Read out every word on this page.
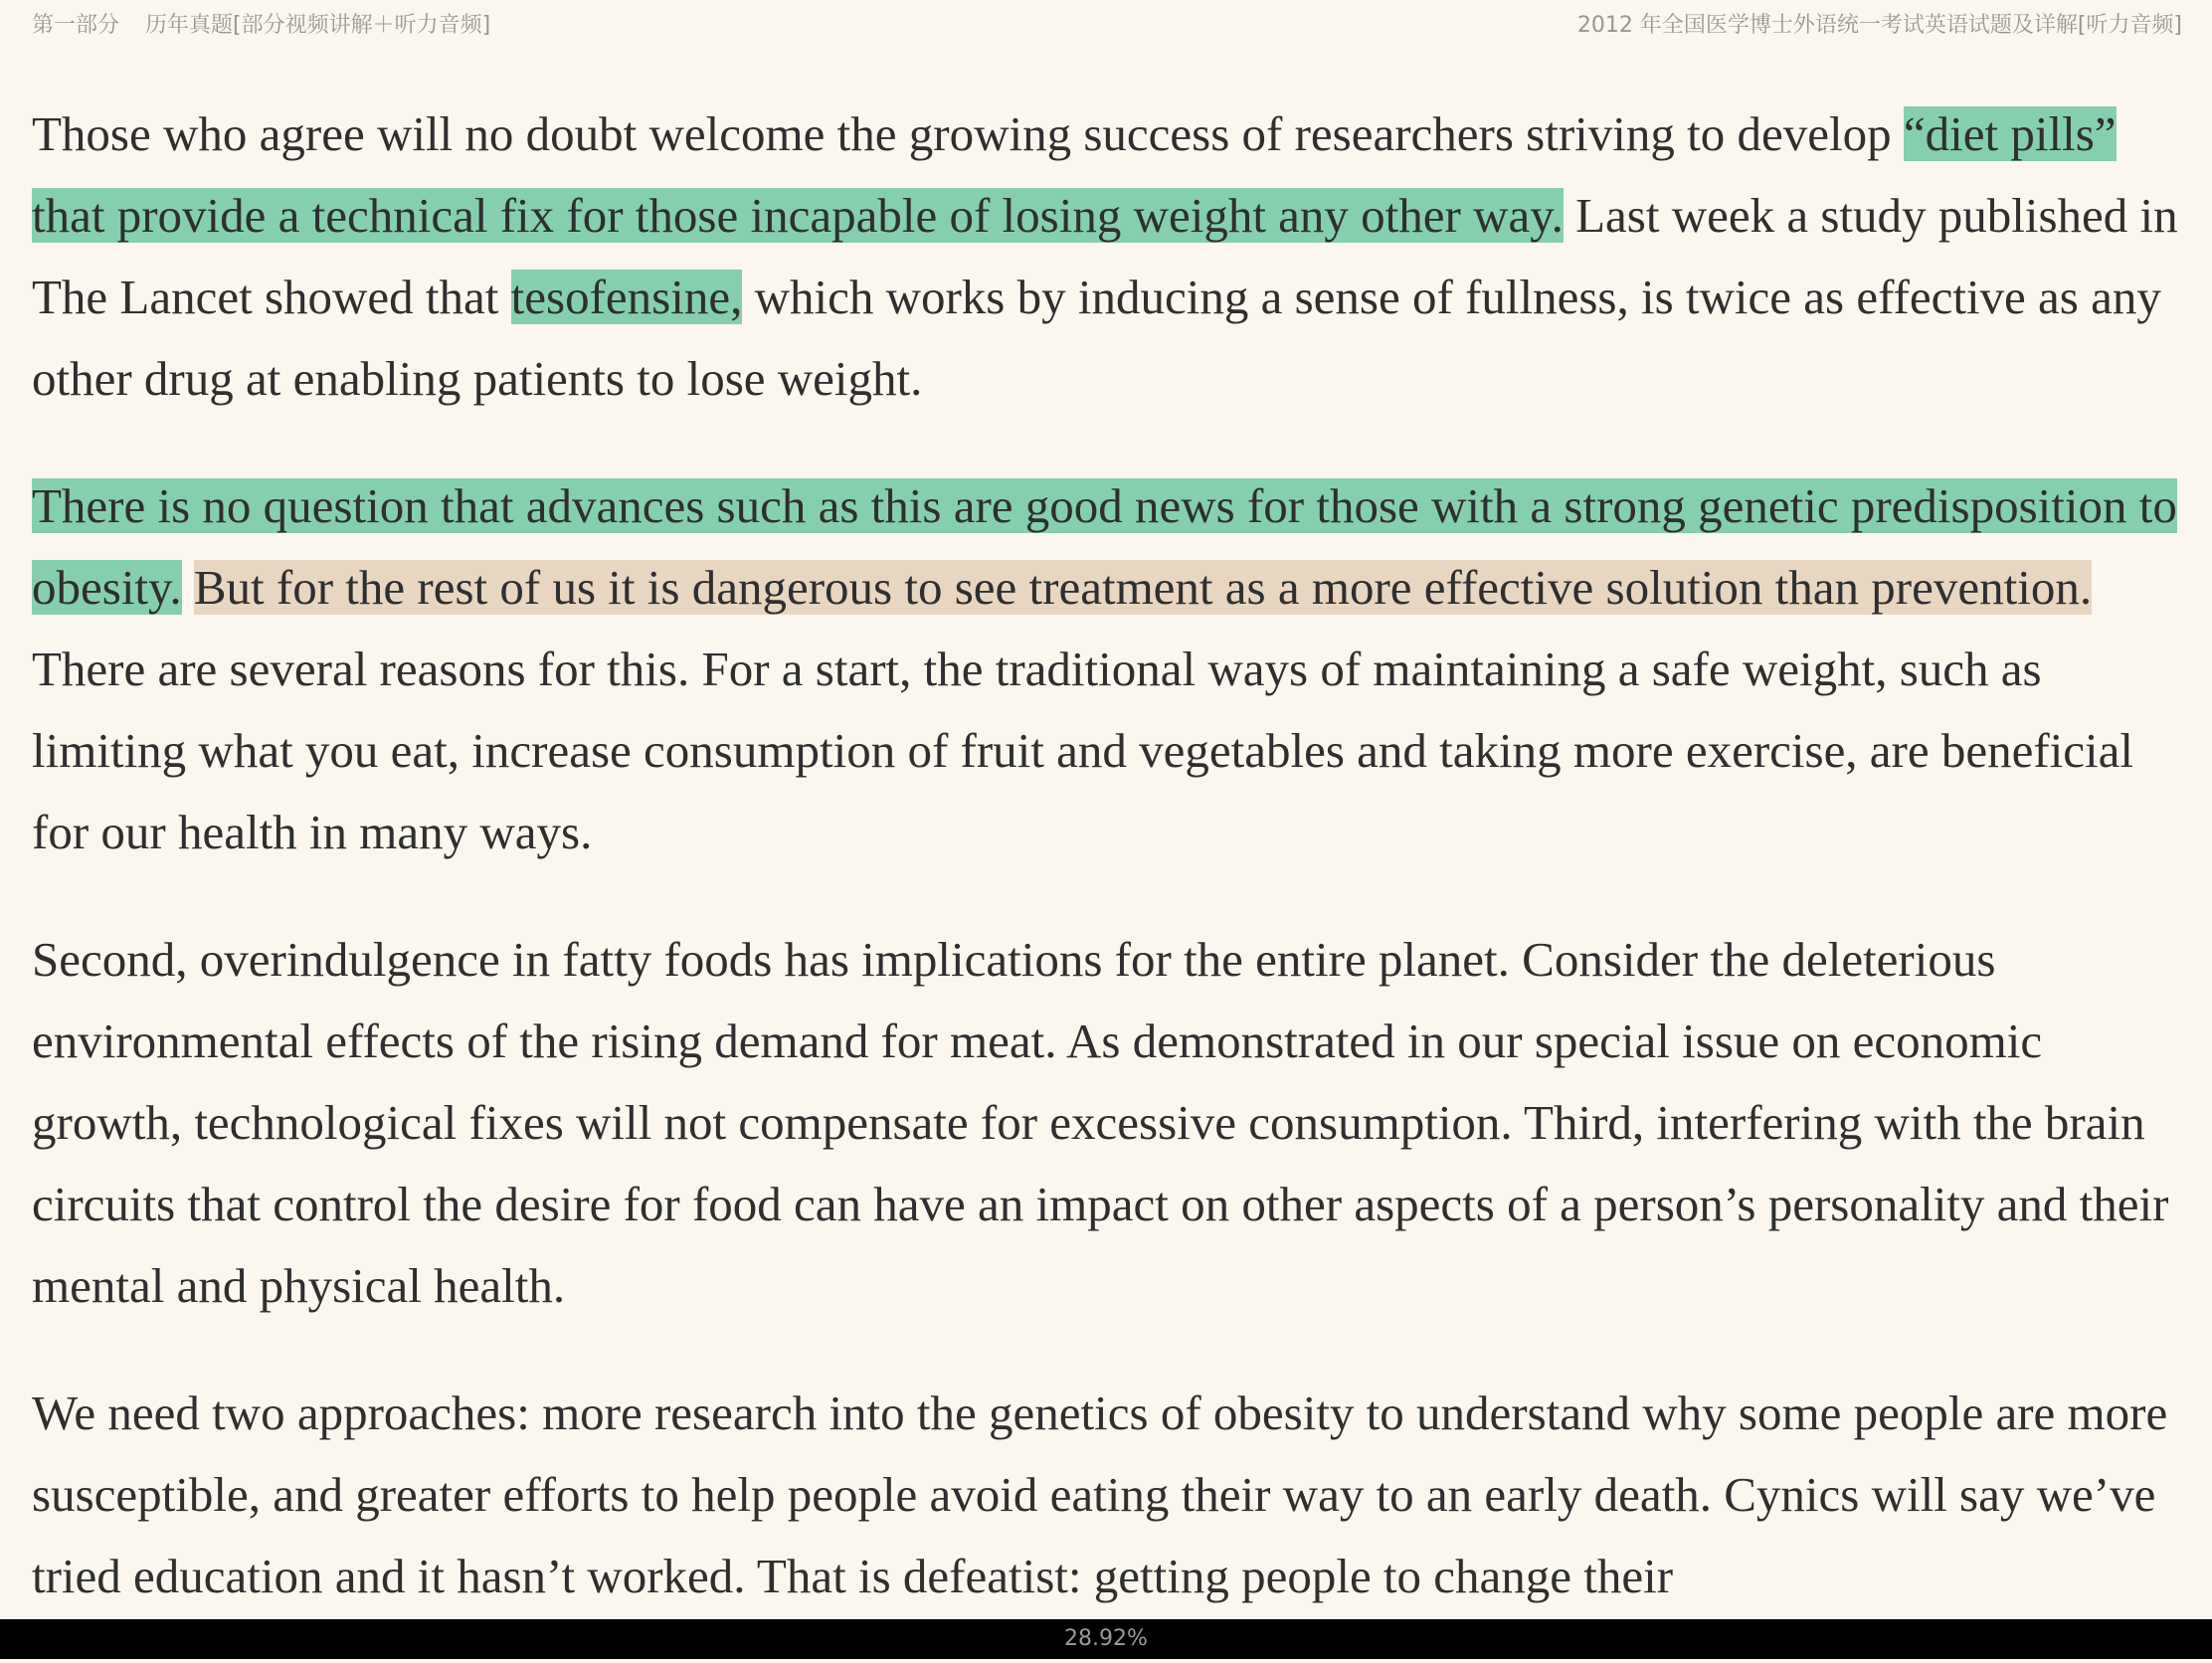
第一部分 历年真题[部分视频讲解＋听力音频]	2012 年全国医学博士外语统一考试英语试题及详解[听力音频]

Those who agree will no doubt welcome the growing success of researchers striving to develop “diet pills” that provide a technical fix for those incapable of losing weight any other way. Last week a study published in The Lancet showed that tesofensine, which works by inducing a sense of fullness, is twice as effective as any other drug at enabling patients to lose weight.

There is no question that advances such as this are good news for those with a strong genetic predisposition to obesity. But for the rest of us it is dangerous to see treatment as a more effective solution than prevention. There are several reasons for this. For a start, the traditional ways of maintaining a safe weight, such as limiting what you eat, increase consumption of fruit and vegetables and taking more exercise, are beneficial for our health in many ways.

Second, overindulgence in fatty foods has implications for the entire planet. Consider the deleterious environmental effects of the rising demand for meat. As demonstrated in our special issue on economic growth, technological fixes will not compensate for excessive consumption. Third, interfering with the brain circuits that control the desire for food can have an impact on other aspects of a person’s personality and their mental and physical health.

We need two approaches: more research into the genetics of obesity to understand why some people are more susceptible, and greater efforts to help people avoid eating their way to an early death. Cynics will say we’ve tried education and it hasn’t worked. That is defeatist: getting people to change their

28.92%
